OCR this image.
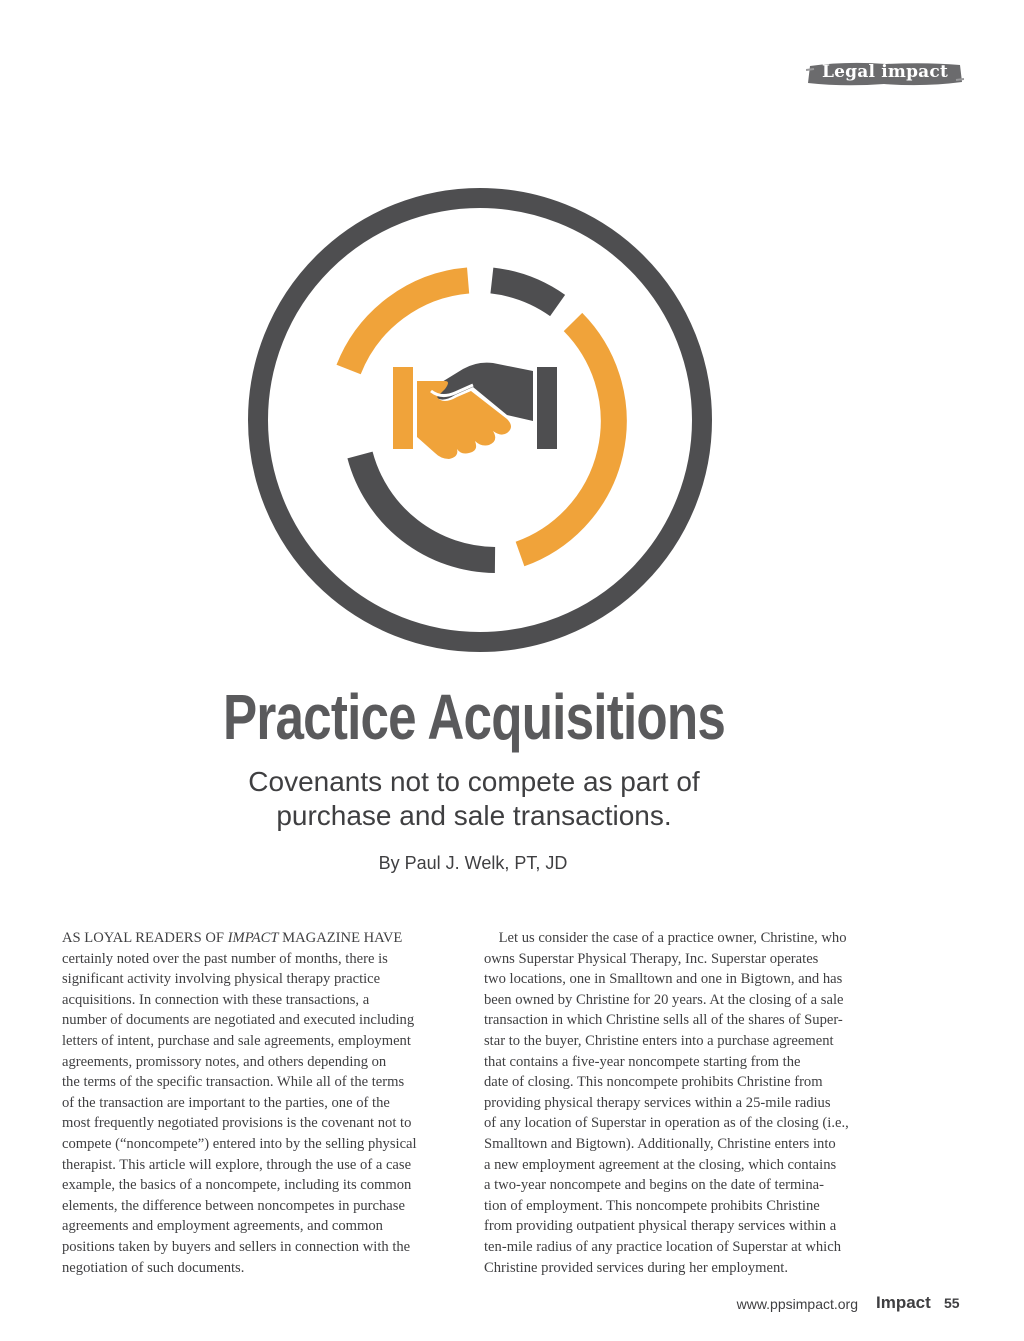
Legal impact
Practice Acquisitions
Covenants not to compete as part of
purchase and sale transactions.
By Paul J. Welk, PT, JD
AS LOYAL READERS OF IMPACT MAGAZINE HAVE
certainly noted over the past number of months, there is
significant activity involving physical therapy practice
acquisitions. In connection with these transactions, a
number of documents are negotiated and executed including
letters of intent, purchase and sale agreements, employment
agreements, promissory notes, and others depending on
the terms of the specific transaction. While all of the terms
of the transaction are important to the parties, one of the
most frequently negotiated provisions is the covenant not to
compete (“noncompete”) entered into by the selling physical
therapist. This article will explore, through the use of a case
example, the basics of a noncompete, including its common
elements, the difference between noncompetes in purchase
agreements and employment agreements, and common
positions taken by buyers and sellers in connection with the
negotiation of such documents.
Let us consider the case of a practice owner, Christine, who
owns Superstar Physical Therapy, Inc. Superstar operates
two locations, one in Smalltown and one in Bigtown, and has
been owned by Christine for 20 years. At the closing of a sale
transaction in which Christine sells all of the shares of Super-
star to the buyer, Christine enters into a purchase agreement
that contains a five-year noncompete starting from the
date of closing. This noncompete prohibits Christine from
providing physical therapy services within a 25-mile radius
of any location of Superstar in operation as of the closing (i.e.,
Smalltown and Bigtown). Additionally, Christine enters into
a new employment agreement at the closing, which contains
a two-year noncompete and begins on the date of termina-
tion of employment. This noncompete prohibits Christine
from providing outpatient physical therapy services within a
ten-mile radius of any practice location of Superstar at which
Christine provided services during her employment.
www.ppsimpact.org Impact 55
